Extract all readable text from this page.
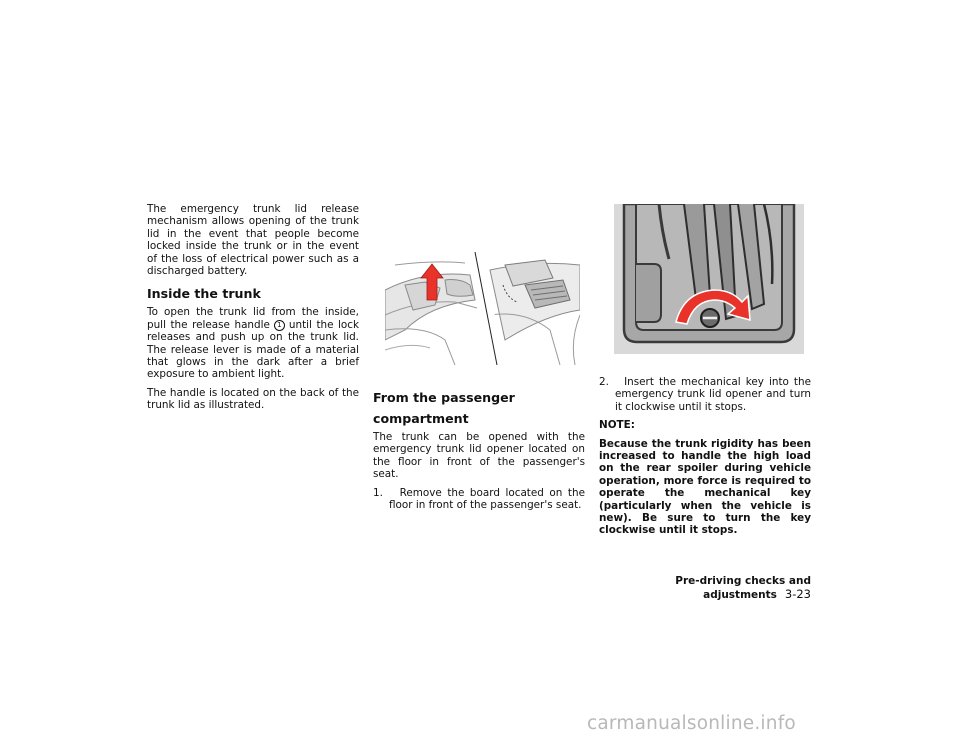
The emergency trunk lid release mechanism allows opening of the trunk lid in the event that people become locked inside the trunk or in the event of the loss of electrical power such as a discharged battery.

Inside the trunk

To open the trunk lid from the inside, pull the release handle 1 until the lock releases and push up on the trunk lid. The release lever is made of a material that glows in the dark after a brief exposure to ambient light.

The handle is located on the back of the trunk lid as illustrated.

From the passenger compartment

The trunk can be opened with the emergency trunk lid opener located on the floor in front of the passenger's seat.

1. Remove the board located on the floor in front of the passenger's seat.

2. Insert the mechanical key into the emergency trunk lid opener and turn it clockwise until it stops.

NOTE:

Because the trunk rigidity has been increased to handle the high load on the rear spoiler during vehicle operation, more force is required to operate the mechanical key (particularly when the vehicle is new). Be sure to turn the key clockwise until it stops.

Pre-driving checks and adjustments 3-23
carmanualsonline.info
